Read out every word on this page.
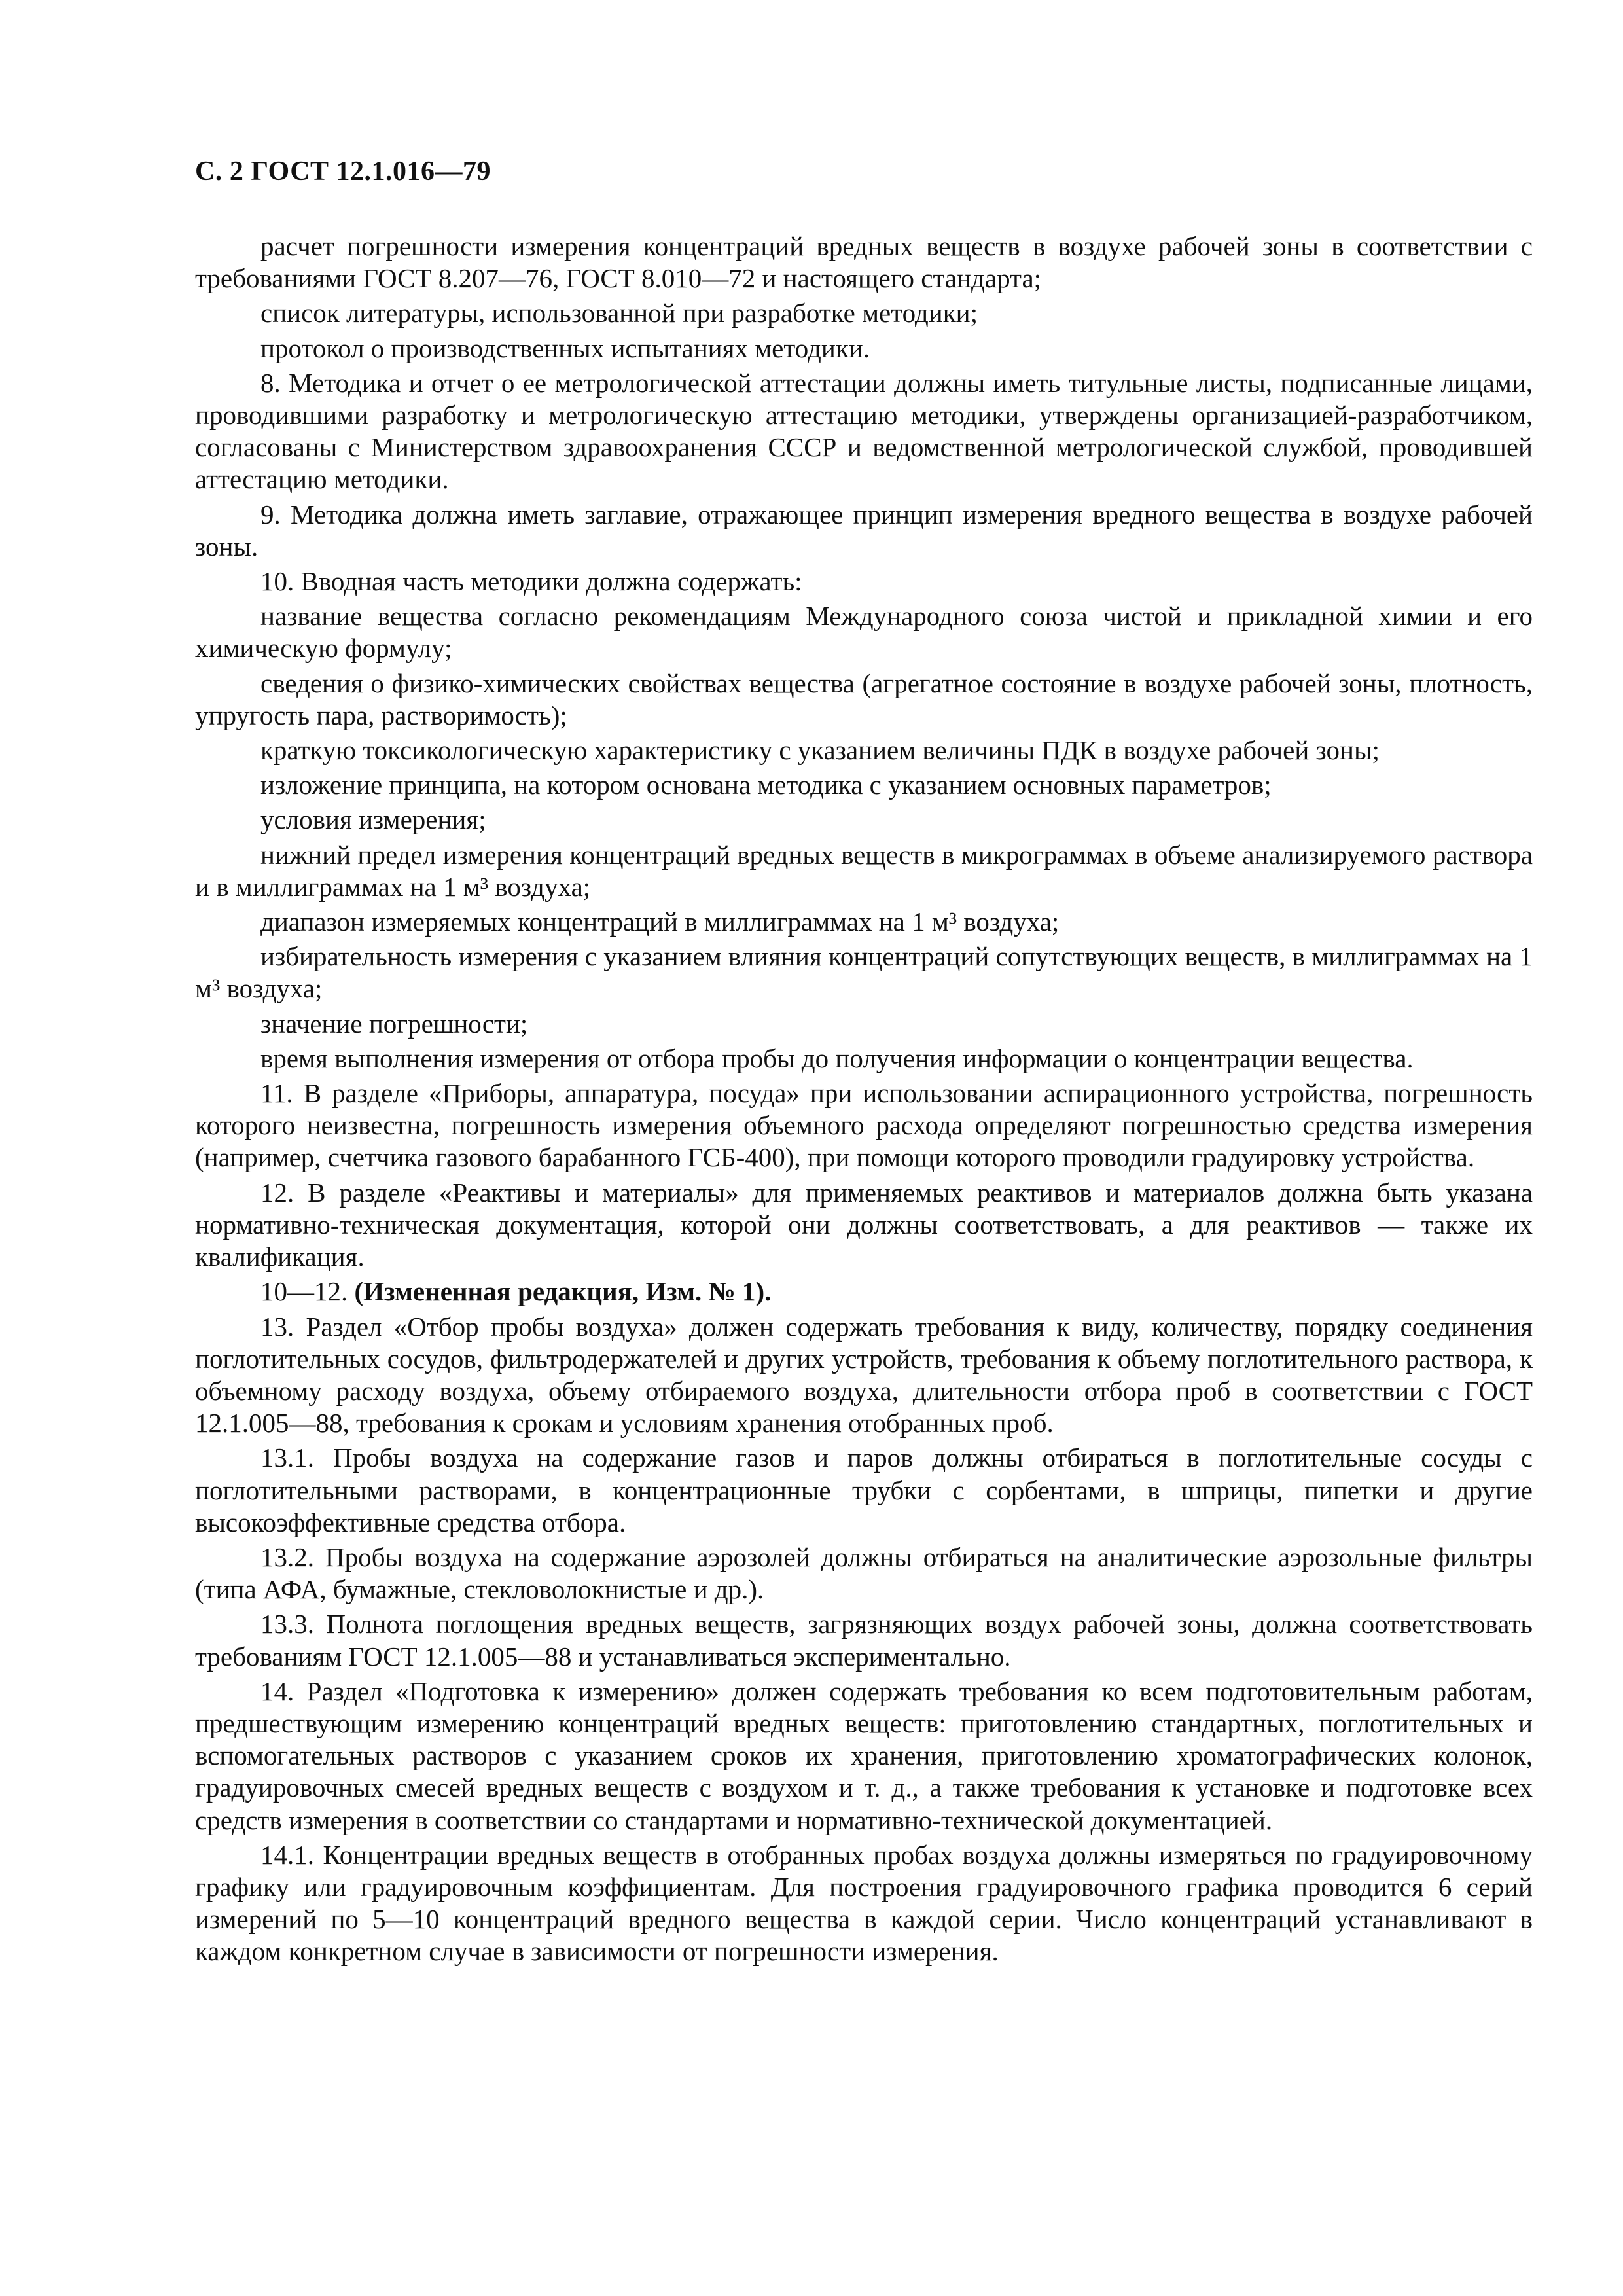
С. 2 ГОСТ 12.1.016—79

расчет погрешности измерения концентраций вредных веществ в воздухе рабочей зоны в соответствии с требованиями ГОСТ 8.207—76, ГОСТ 8.010—72 и настоящего стандарта;

список литературы, использованной при разработке методики;

протокол о производственных испытаниях методики.

8. Методика и отчет о ее метрологической аттестации должны иметь титульные листы, подписанные лицами, проводившими разработку и метрологическую аттестацию методики, утверждены организацией-разработчиком, согласованы с Министерством здравоохранения СССР и ведомственной метрологической службой, проводившей аттестацию методики.

9. Методика должна иметь заглавие, отражающее принцип измерения вредного вещества в воздухе рабочей зоны.

10. Вводная часть методики должна содержать:

название вещества согласно рекомендациям Международного союза чистой и прикладной химии и его химическую формулу;

сведения о физико-химических свойствах вещества (агрегатное состояние в воздухе рабочей зоны, плотность, упругость пара, растворимость);

краткую токсикологическую характеристику с указанием величины ПДК в воздухе рабочей зоны;

изложение принципа, на котором основана методика с указанием основных параметров;

условия измерения;

нижний предел измерения концентраций вредных веществ в микрограммах в объеме анализируемого раствора и в миллиграммах на 1 м³ воздуха;

диапазон измеряемых концентраций в миллиграммах на 1 м³ воздуха;

избирательность измерения с указанием влияния концентраций сопутствующих веществ, в миллиграммах на 1 м³ воздуха;

значение погрешности;

время выполнения измерения от отбора пробы до получения информации о концентрации вещества.

11. В разделе «Приборы, аппаратура, посуда» при использовании аспирационного устройства, погрешность которого неизвестна, погрешность измерения объемного расхода определяют погрешностью средства измерения (например, счетчика газового барабанного ГСБ-400), при помощи которого проводили градуировку устройства.

12. В разделе «Реактивы и материалы» для применяемых реактивов и материалов должна быть указана нормативно-техническая документация, которой они должны соответствовать, а для реактивов — также их квалификация.

10—12. (Измененная редакция, Изм. № 1).

13. Раздел «Отбор пробы воздуха» должен содержать требования к виду, количеству, порядку соединения поглотительных сосудов, фильтродержателей и других устройств, требования к объему поглотительного раствора, к объемному расходу воздуха, объему отбираемого воздуха, длительности отбора проб в соответствии с ГОСТ 12.1.005—88, требования к срокам и условиям хранения отобранных проб.

13.1. Пробы воздуха на содержание газов и паров должны отбираться в поглотительные сосуды с поглотительными растворами, в концентрационные трубки с сорбентами, в шприцы, пипетки и другие высокоэффективные средства отбора.

13.2. Пробы воздуха на содержание аэрозолей должны отбираться на аналитические аэрозольные фильтры (типа АФА, бумажные, стекловолокнистые и др.).

13.3. Полнота поглощения вредных веществ, загрязняющих воздух рабочей зоны, должна соответствовать требованиям ГОСТ 12.1.005—88 и устанавливаться экспериментально.

14. Раздел «Подготовка к измерению» должен содержать требования ко всем подготовительным работам, предшествующим измерению концентраций вредных веществ: приготовлению стандартных, поглотительных и вспомогательных растворов с указанием сроков их хранения, приготовлению хроматографических колонок, градуировочных смесей вредных веществ с воздухом и т. д., а также требования к установке и подготовке всех средств измерения в соответствии со стандартами и нормативно-технической документацией.

14.1. Концентрации вредных веществ в отобранных пробах воздуха должны измеряться по градуировочному графику или градуировочным коэффициентам. Для построения градуировочного графика проводится 6 серий измерений по 5—10 концентраций вредного вещества в каждой серии. Число концентраций устанавливают в каждом конкретном случае в зависимости от погрешности измерения.
